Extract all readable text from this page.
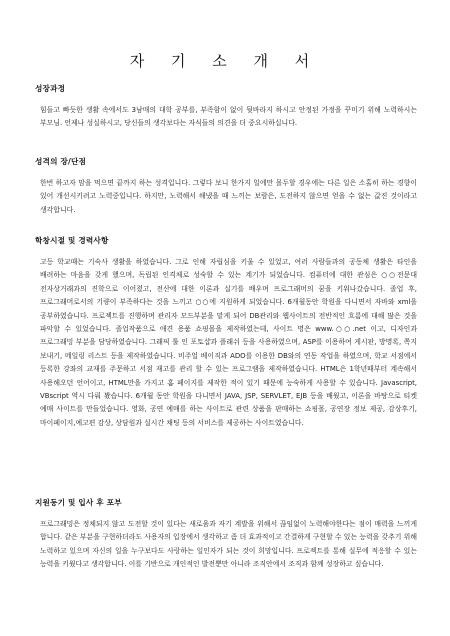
자 기 소 개 서
성장과정

힘들고 빠듯한 생활 속에서도 3남매의 대학 공부를, 부족함이 없이 뒷바라지 하시고 안정된 가정을 꾸미기 위해 노력하시는 부모님. 언제나 성실하시고, 당신들의 생각보다는 자식들의 의견을 더 중요시하십니다.

성격의 장/단점

한번 하고자 맘을 먹으면 끝까지 하는 성격입니다. 그렇다 보니 한가지 일에만 몰두할 경우에는 다른 일은 소홀히 하는 경향이 있어 개선시키려고 노력중입니다. 하지만, 노력해서 해냈을 때 느끼는 보람은, 도전하지 않으면 얻을 수 없는 값진 것이라고 생각합니다.

학창시절 및 경력사항

고등 학교때는 기숙사 생활을 하였습니다. 그로 인해 자립심을 키울 수 있었고, 여러 사람들과의 공동체 생활은 타인을 배려하는 마음을 갖게 했으며, 독립된 인격체로 성숙할 수 있는 계기가 되었습니다. 컴퓨터에 대한 관심은 ○○전문대 전자상거래과의 진학으로 이어졌고, 전산에 대한 이론과 실기를 배우며 프로그래머의 꿈을 키워나갔습니다. 졸업 후, 프로그래머로서의 기량이 부족하다는 것을 느끼고 ○○에 지원하게 되었습니다. 6개월동안 학원을 다니면서 자바와 xml을 공부하였습니다. 프로젝트를 진행하며 관리자 모드부분을 맡게 되어 DB관리와 웹사이트의 전반적인 흐름에 대해 많은 것을 파악할 수 있었습니다. 졸업작품으로 애견 용품 쇼핑몰을 제작하였는데, 사이트 명은 www.○○.net 이고, 디자인과 프로그래밍 부분을 담당하였습니다. 그래픽 툴 인 포토샵과 플래쉬 등을 사용하였으며, ASP를 이용하여 게시판, 방명록, 쪽지 보내기, 메일링 리스트 등을 제작하였습니다. 비주얼 베이직과 ADO를 이용한 DB와의 연동 작업을 하였으며, 학교 서점에서 등록한 강좌의 교재를 주문하고 서점 재고를 관리 할 수 있는 프로그램을 제작하였습니다. HTML은 1학년때부터 계속해서 사용해오던 언어이고, HTML만을 가지고 홈 페이지를 제작한 적이 있기 때문에 능숙하게 사용할 수 있습니다. Javascript, VBscript 역시 다뤄 봤습니다. 6개월 동안 학원을 다니면서 JAVA, JSP, SERVLET, EJB 등을 배웠고, 이론을 바탕으로 티켓 예매 사이트를 만들었습니다. 영화, 공연 예매를 하는 사이트로 관련 상품을 판매하는 쇼핑몰, 공연장 정보 제공, 감상후기, 마이페이지,예고편 감상, 상담원과 실시간 채팅 등의 서비스를 제공하는 사이트였습니다.

지원동기 및 입사 후 포부

프로그래밍은 정체되지 않고 도전할 것이 있다는 새로움과 자기 계발을 위해서 끊임없이 노력해야한다는 점이 매력을 느끼게 합니다. 같은 부분을 구현하더라도 사용자의 입장에서 생각하고 좀 더 효과적이고 간결하게 구현할 수 있는 능력을 갖추기 위해 노력하고 있으며 자신의 일을 누구보다도 사랑하는 일인자가 되는 것이 희망입니다. 프로젝트를 통해 실무에 적응할 수 있는 능력을 키웠다고 생각합니다. 이를 기반으로 개인적인 발전뿐만 아니라 조직안에서 조직과 함께 성장하고 싶습니다.
